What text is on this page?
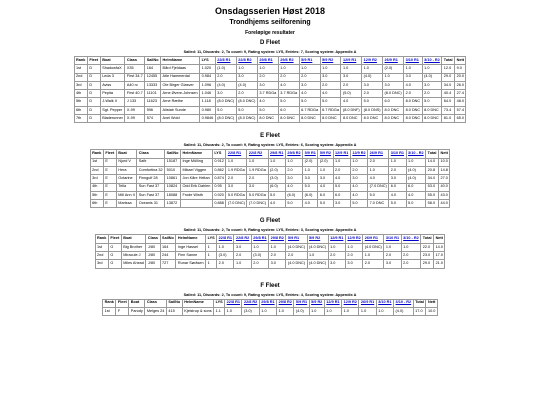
Onsdagsserien Høst 2018
Trondhjems seilforening
Foreløpige resultater
D Fleet
Sailed: 11, Discards: 2, To count: 9, Rating system: LYS, Entries: 7, Scoring system: Appendix A
Rank	Fleet	Boat	Class	SailNo	HelmName	LYS	22/8 R1	22/8 R2	29/8 R1	29/8 R2	5/9 R1	5/9 R2	12/9 R1	12/9 R2	26/9 R1	3/10 R1	3/10 - R2	Total	Nett
1st	D	ShadowfaX	X35	164	Bård Fjeldaas	1.020	(1.0)	1.0	1.0	1.0	1.0	1.0	1.0	1.0	(2.0)	1.0	1.0	12.0	9.0
2nd	D	Leda 3	First 34.7	12455	Atle Hammerdal	0.984	2.0	3.0	2.0	2.0	2.0	3.0	3.0	(4.0)	1.0	3.0	(4.0)	29.0	20.0
3rd	D	Aviss	A40 rc	13333	Ole Birger Glasver	1.096	(4.0)	(4.0)	3.0	4.0	3.0	2.0	2.0	3.0	3.0	4.0	3.0	34.0	26.0
4th	D	Pepita	First 40.7	11101	Arne Øvere-Johnsen	1.046	3.0	2.0	3.7 RDGa	3.7 RDGa	4.0	4.0	(5.0)	2.0	(8.0 DNC)	2.0	2.0	40.4	27.4
5th	D	J-Walk II	J 133	11623	Arne Ræthe	1.118	(8.0 DNC)	(8.0 DNC)	4.0	5.0	5.0	5.0	4.0	5.0	6.0	8.0 DNC	5.0	64.0	48.0
6th	D	Sgt. Pepper	X-99	596	Alistair Sunde	0.980	5.0	5.0	5.0	6.0	6.7 RDGa	6.7 RDGa	(8.0 DNF)	(8.0 DNS)	8.0 DNC	8.0 DNC	8.0 DNC	73.4	57.4
7th	D	Bladerunner	X-99	574	Axel Wold	0.9846	(8.0 DNC)	(8.0 DNC)	8.0 DNC	8.0 DNC	8.0 DNC	8.0 DNC	8.0 DNC	8.0 DNC	8.0 DNC	8.0 DNC	8.0 DNC	81.0	65.0
E Fleet
Sailed: 11, Discards: 2, To count: 9, Rating system: LYS, Entries: 6, Scoring system: Appendix A
Rank	Fleet	Boat	Class	SailNo	HelmName	LYS	22/8 R1	22/8 R2	29/8 R1	29/8 R2	5/9 R1	5/9 R2	12/9 R1	12/9 R2	26/9 R1	3/10 R1	3/10 - R2	Total	Nett
1st	E	Njord V	Safir	15187	Inge Mölling	0.912	1.0	1.0	1.0	1.0	(2.0)	(2.0)	1.0	1.0	2.0	1.0	1.0	14.0	10.0
2nd	E	Hera	Comfortina 32	5010	Mikael Viggen	0.862	1.9 RDGa	1.9 RDGa	(2.0)	2.0	1.0	1.0	2.0	2.0	1.0	2.0	(4.0)	20.8	14.8
3rd	E	Octarine	Finngulf 28	10861	Jon Kåre Heltan	0.874	2.0	2.0	(3.0)	3.0	3.0	3.0	4.0	3.0	4.0	3.0	(4.0)	34.0	27.0
4th	E	Tella	Sun Fast 37	10824	Odd Erik Dahlen	0.95	3.0	3.0	(6.0)	4.0	5.0	4.0	5.0	4.0	(7.0 DNC)	6.0	6.0	53.0	40.0
5th	E	Mill Ann II	Sun Fast 37	18088	Frode Wisth	0.920	5.0 RDGa	5.0 RDGa	5.0	(6.0)	(6.0)	6.0	6.0	4.0	5.0	4.0	4.0	55.0	43.0
6th	E	Marissa	Oceanis 31	13872		0.888	(7.0 DNC)	(7.0 DNC)	4.0	5.0	4.0	5.0	3.0	5.0	7.0 DNC	5.0	5.0	58.0	44.0
G Fleet
Sailed: 11, Discards: 2, To count: 9, Rating system: LYS, Entries: 3, Scoring system: Appendix A
Rank	Fleet	Boat	Class	SailNo	HelmName	LYS	22/8 R1	22/8 R2	29/8 R1	29/8 R2	5/9 R1	5/9 R2	12/9 R1	12/9 R2	26/9 R1	3/10 R1	3/10 - R2	Total	Nett
1st	G	Big Brother	J/80	164	Inge Hassel	1	1.0	3.0	1.0	1.0	(4.0 DNC)	(4.0 DNC)	1.0	1.0	(4.0 DNC)	1.0	1.0	22.0	14.0
2nd	G	Miracule J	J/80	244	Finn Sanne	1	(3.0)	2.0	(3.0)	2.0	2.0	1.0	2.0	2.0	1.0	2.0	2.0	23.0	17.0
3rd	G	Miles Ahead	J/80	727	Runar Sørāsen	1	2.0	1.0	2.0	3.0	(4.0 DNC)	(4.0 DNC)	3.0	3.0	2.0	3.0	2.0	29.0	21.0
F Fleet
Sailed: 11, Discards: 2, To count: 9, Rating system: LYS, Entries: 4, Scoring system: Appendix A
Rank	Fleet	Boat	Class	SailNo	HelmName	LYS	22/8 R1	22/8 R2	29/8 R1	29/8 R2	5/9 R1	5/9 R2	12/9 R1	12/9 R2	26/9 R1	3/10 R1	3/10 - R2	Total	Nett
1st	F	Parody	Melges 24	415	Kjelstrup & sons	1.1	1.0	(3.0)	1.0	1.0	(4.0)	1.0	1.0	1.0	1.0	1.0	(4.0)	17.0	10.0
